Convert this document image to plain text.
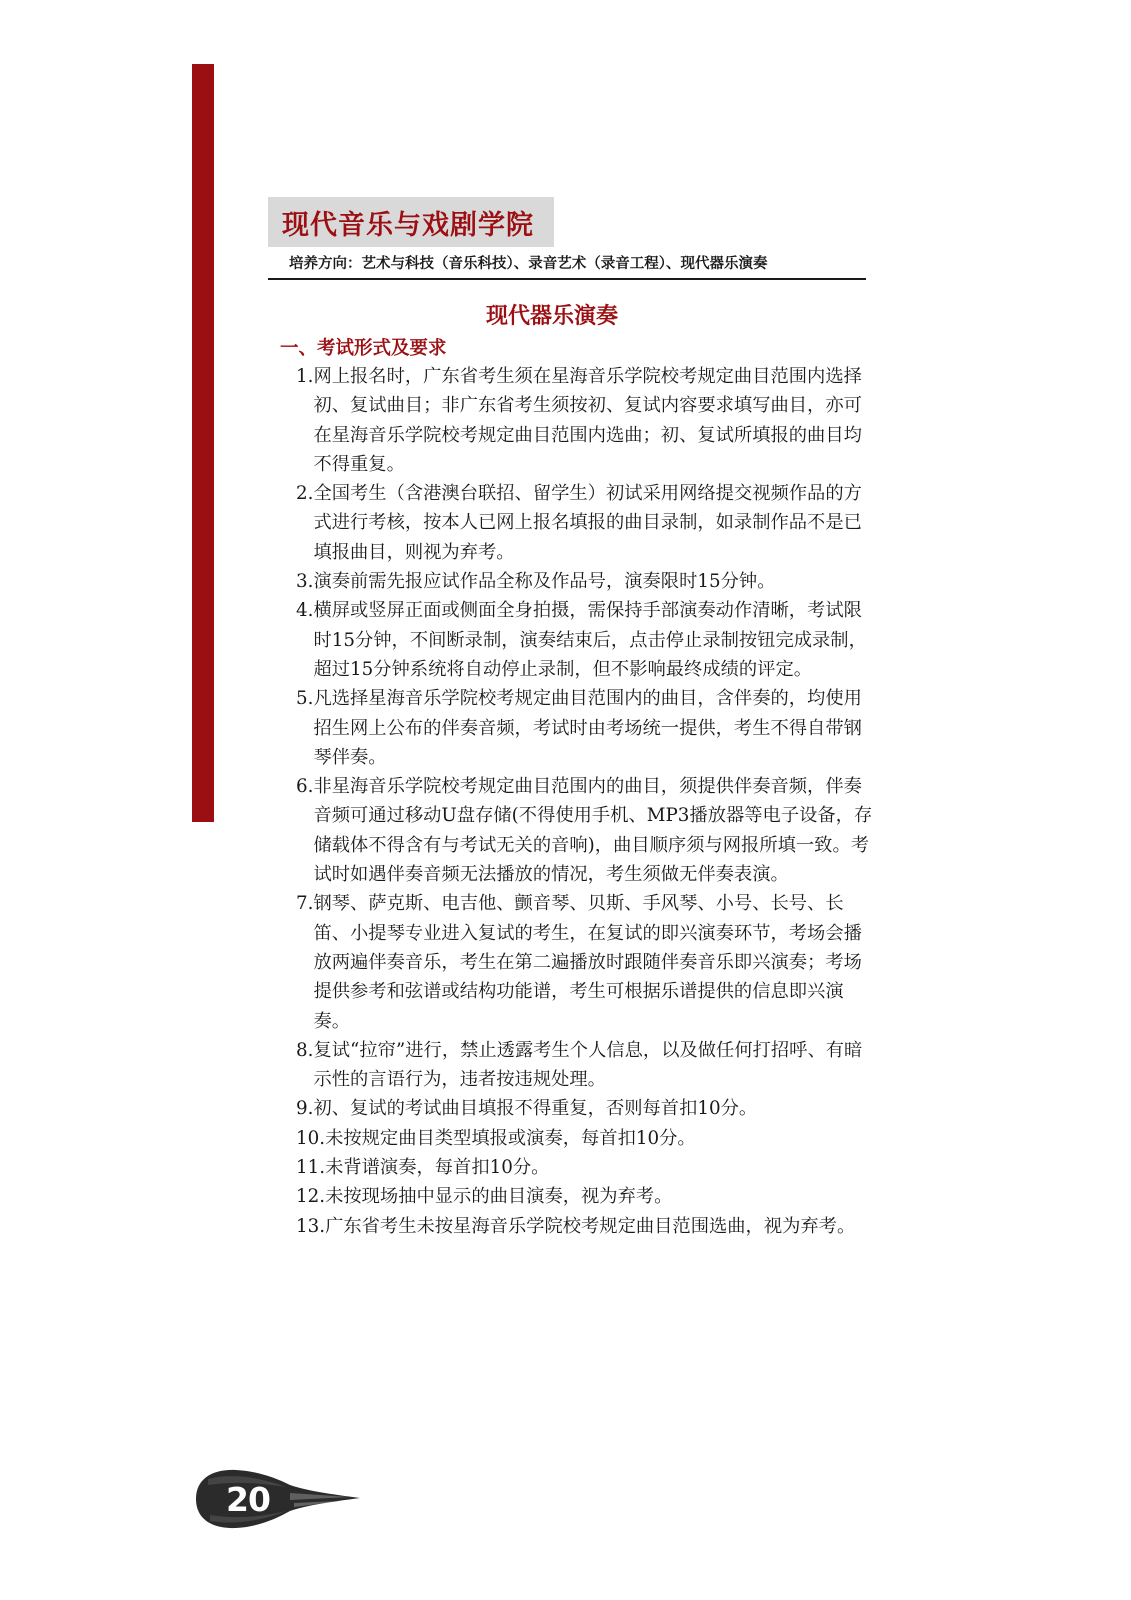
现代音乐与戏剧学院
培养方向：艺术与科技（音乐科技）、录音艺术（录音工程）、现代器乐演奏
现代器乐演奏
一、考试形式及要求
1. 网上报名时，广东省考生须在星海音乐学院校考规定曲目范围内选择初、复试曲目；非广东省考生须按初、复试内容要求填写曲目，亦可在星海音乐学院校考规定曲目范围内选曲；初、复试所填报的曲目均不得重复。
2. 全国考生（含港澳台联招、留学生）初试采用网络提交视频作品的方式进行考核，按本人已网上报名填报的曲目录制，如录制作品不是已填报曲目，则视为弃考。
3. 演奏前需先报应试作品全称及作品号，演奏限时15分钟。
4. 横屏或竖屏正面或侧面全身拍摄，需保持手部演奏动作清晰，考试限时15分钟，不间断录制，演奏结束后，点击停止录制按钮完成录制，超过15分钟系统将自动停止录制，但不影响最终成绩的评定。
5. 凡选择星海音乐学院校考规定曲目范围内的曲目，含伴奏的，均使用招生网上公布的伴奏音频，考试时由考场统一提供，考生不得自带钢琴伴奏。
6. 非星海音乐学院校考规定曲目范围内的曲目，须提供伴奏音频，伴奏音频可通过移动U盘存储(不得使用手机、MP3播放器等电子设备，存储载体不得含有与考试无关的音响)，曲目顺序须与网报所填一致。考试时如遇伴奏音频无法播放的情况，考生须做无伴奏表演。
7. 钢琴、萨克斯、电吉他、颤音琴、贝斯、手风琴、小号、长号、长笛、小提琴专业进入复试的考生，在复试的即兴演奏环节，考场会播放两遍伴奏音乐，考生在第二遍播放时跟随伴奏音乐即兴演奏；考场提供参考和弦谱或结构功能谱，考生可根据乐谱提供的信息即兴演奏。
8. 复试“拉帘”进行，禁止透露考生个人信息，以及做任何打招呼、有暗示性的言语行为，违者按违规处理。
9. 初、复试的考试曲目填报不得重复，否则每首扣10分。
10. 未按规定曲目类型填报或演奏，每首扣10分。
11. 未背谱演奏，每首扣10分。
12. 未按现场抽中显示的曲目演奏，视为弃考。
13. 广东省考生未按星海音乐学院校考规定曲目范围选曲，视为弃考。
20
